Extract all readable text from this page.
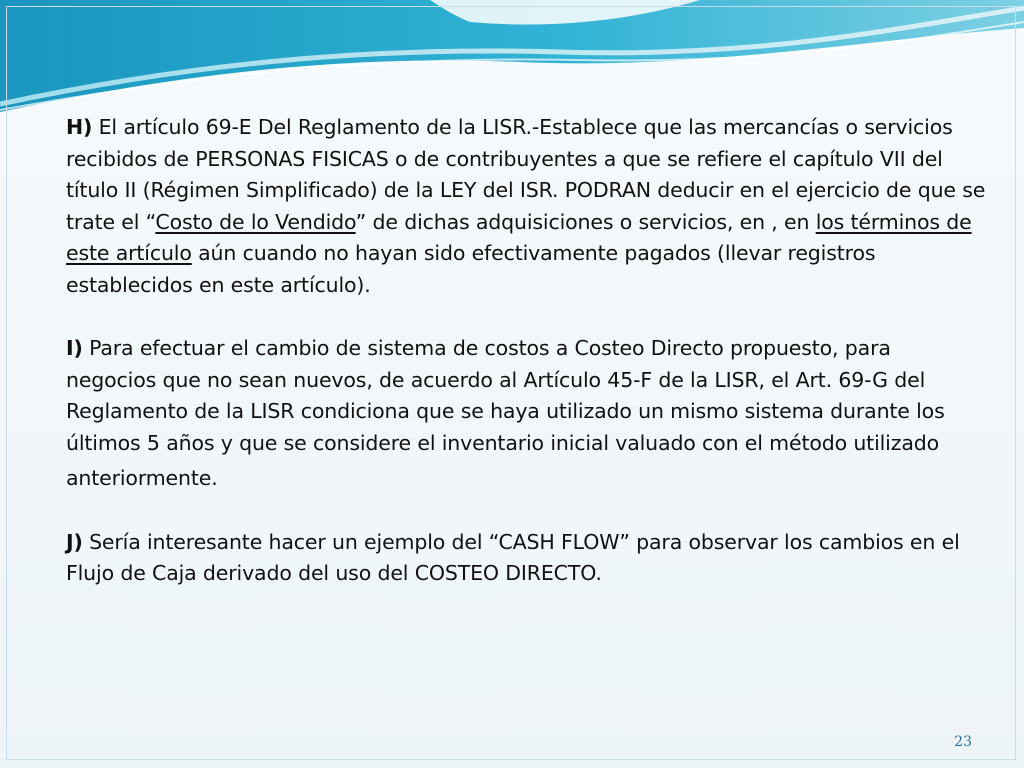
H) El artículo 69-E Del Reglamento de la LISR.-Establece que las mercancías o servicios recibidos de PERSONAS FISICAS o de contribuyentes a que se refiere el capítulo VII del título II (Régimen Simplificado) de la LEY del ISR. PODRAN deducir en el ejercicio de que se trate el “Costo de lo Vendido” de dichas adquisiciones o servicios, en , en los términos de este artículo aún cuando no hayan sido efectivamente pagados (llevar registros establecidos en este artículo).

I) Para efectuar el cambio de sistema de costos a Costeo Directo propuesto, para negocios que no sean nuevos, de acuerdo al Artículo 45-F de la LISR, el Art. 69-G del Reglamento de la LISR condiciona que se haya utilizado un mismo sistema durante los últimos 5 años y que se considere el inventario inicial valuado con el método utilizado
anteriormente.

J) Sería interesante hacer un ejemplo del “CASH FLOW” para observar los cambios en el Flujo de Caja derivado del uso del COSTEO DIRECTO.

23
